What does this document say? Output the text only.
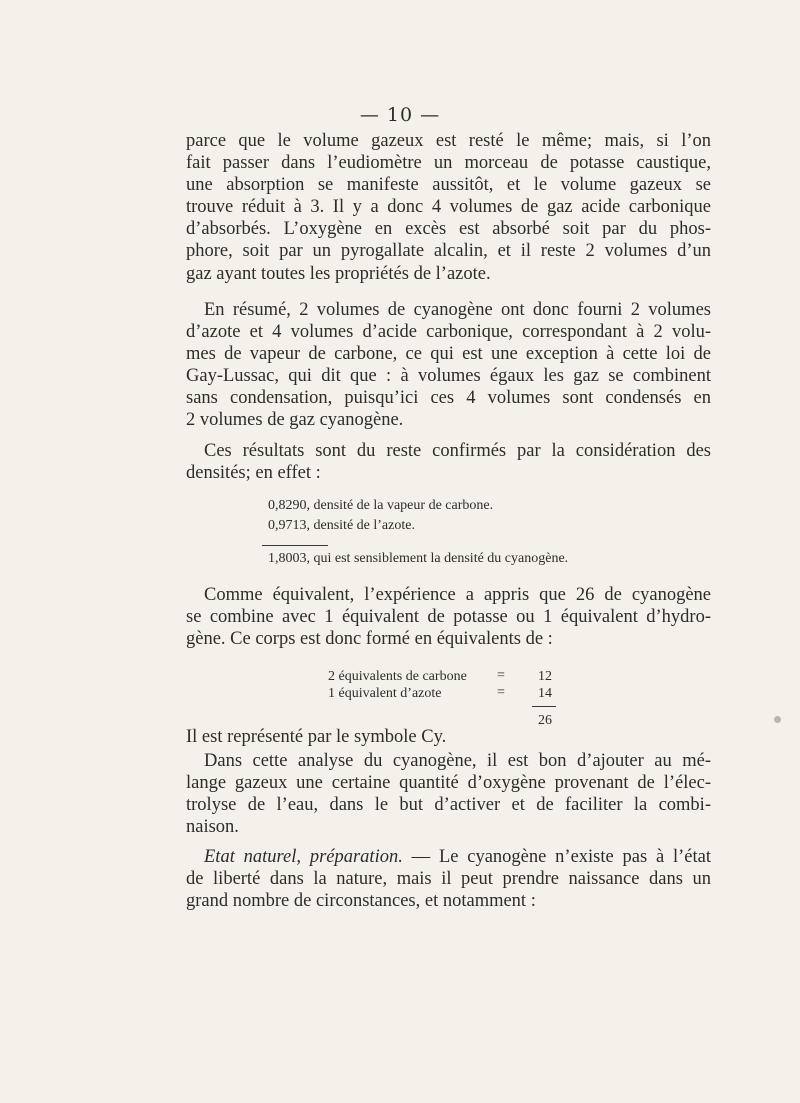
— 10 —
parce que le volume gazeux est resté le même; mais, si l’on
fait passer dans l’eudiomètre un morceau de potasse caustique,
une absorption se manifeste aussitôt, et le volume gazeux se
trouve réduit à 3. Il y a donc 4 volumes de gaz acide carbonique
d’absorbés. L’oxygène en excès est absorbé soit par du phos-
phore, soit par un pyrogallate alcalin, et il reste 2 volumes d’un
gaz ayant toutes les propriétés de l’azote.
En résumé, 2 volumes de cyanogène ont donc fourni 2 volumes
d’azote et 4 volumes d’acide carbonique, correspondant à 2 volu-
mes de vapeur de carbone, ce qui est une exception à cette loi de
Gay-Lussac, qui dit que : à volumes égaux les gaz se combinent
sans condensation, puisqu’ici ces 4 volumes sont condensés en
2 volumes de gaz cyanogène.
Ces résultats sont du reste confirmés par la considération des
densités; en effet :
0,8290, densité de la vapeur de carbone.
0,9713, densité de l’azote.
1,8003, qui est sensiblement la densité du cyanogène.
Comme équivalent, l’expérience a appris que 26 de cyanogène
se combine avec 1 équivalent de potasse ou 1 équivalent d’hydro-
gène. Ce corps est donc formé en équivalents de :
2 équivalents de carbone = 12
1 équivalent d’azote	= 14
26
Il est représenté par le symbole Cy.
Dans cette analyse du cyanogène, il est bon d’ajouter au mé-
lange gazeux une certaine quantité d’oxygène provenant de l’élec-
trolyse de l’eau, dans le but d’activer et de faciliter la combi-
naison.
Etat naturel, préparation. — Le cyanogène n’existe pas à l’état
de liberté dans la nature, mais il peut prendre naissance dans un
grand nombre de circonstances, et notamment :
